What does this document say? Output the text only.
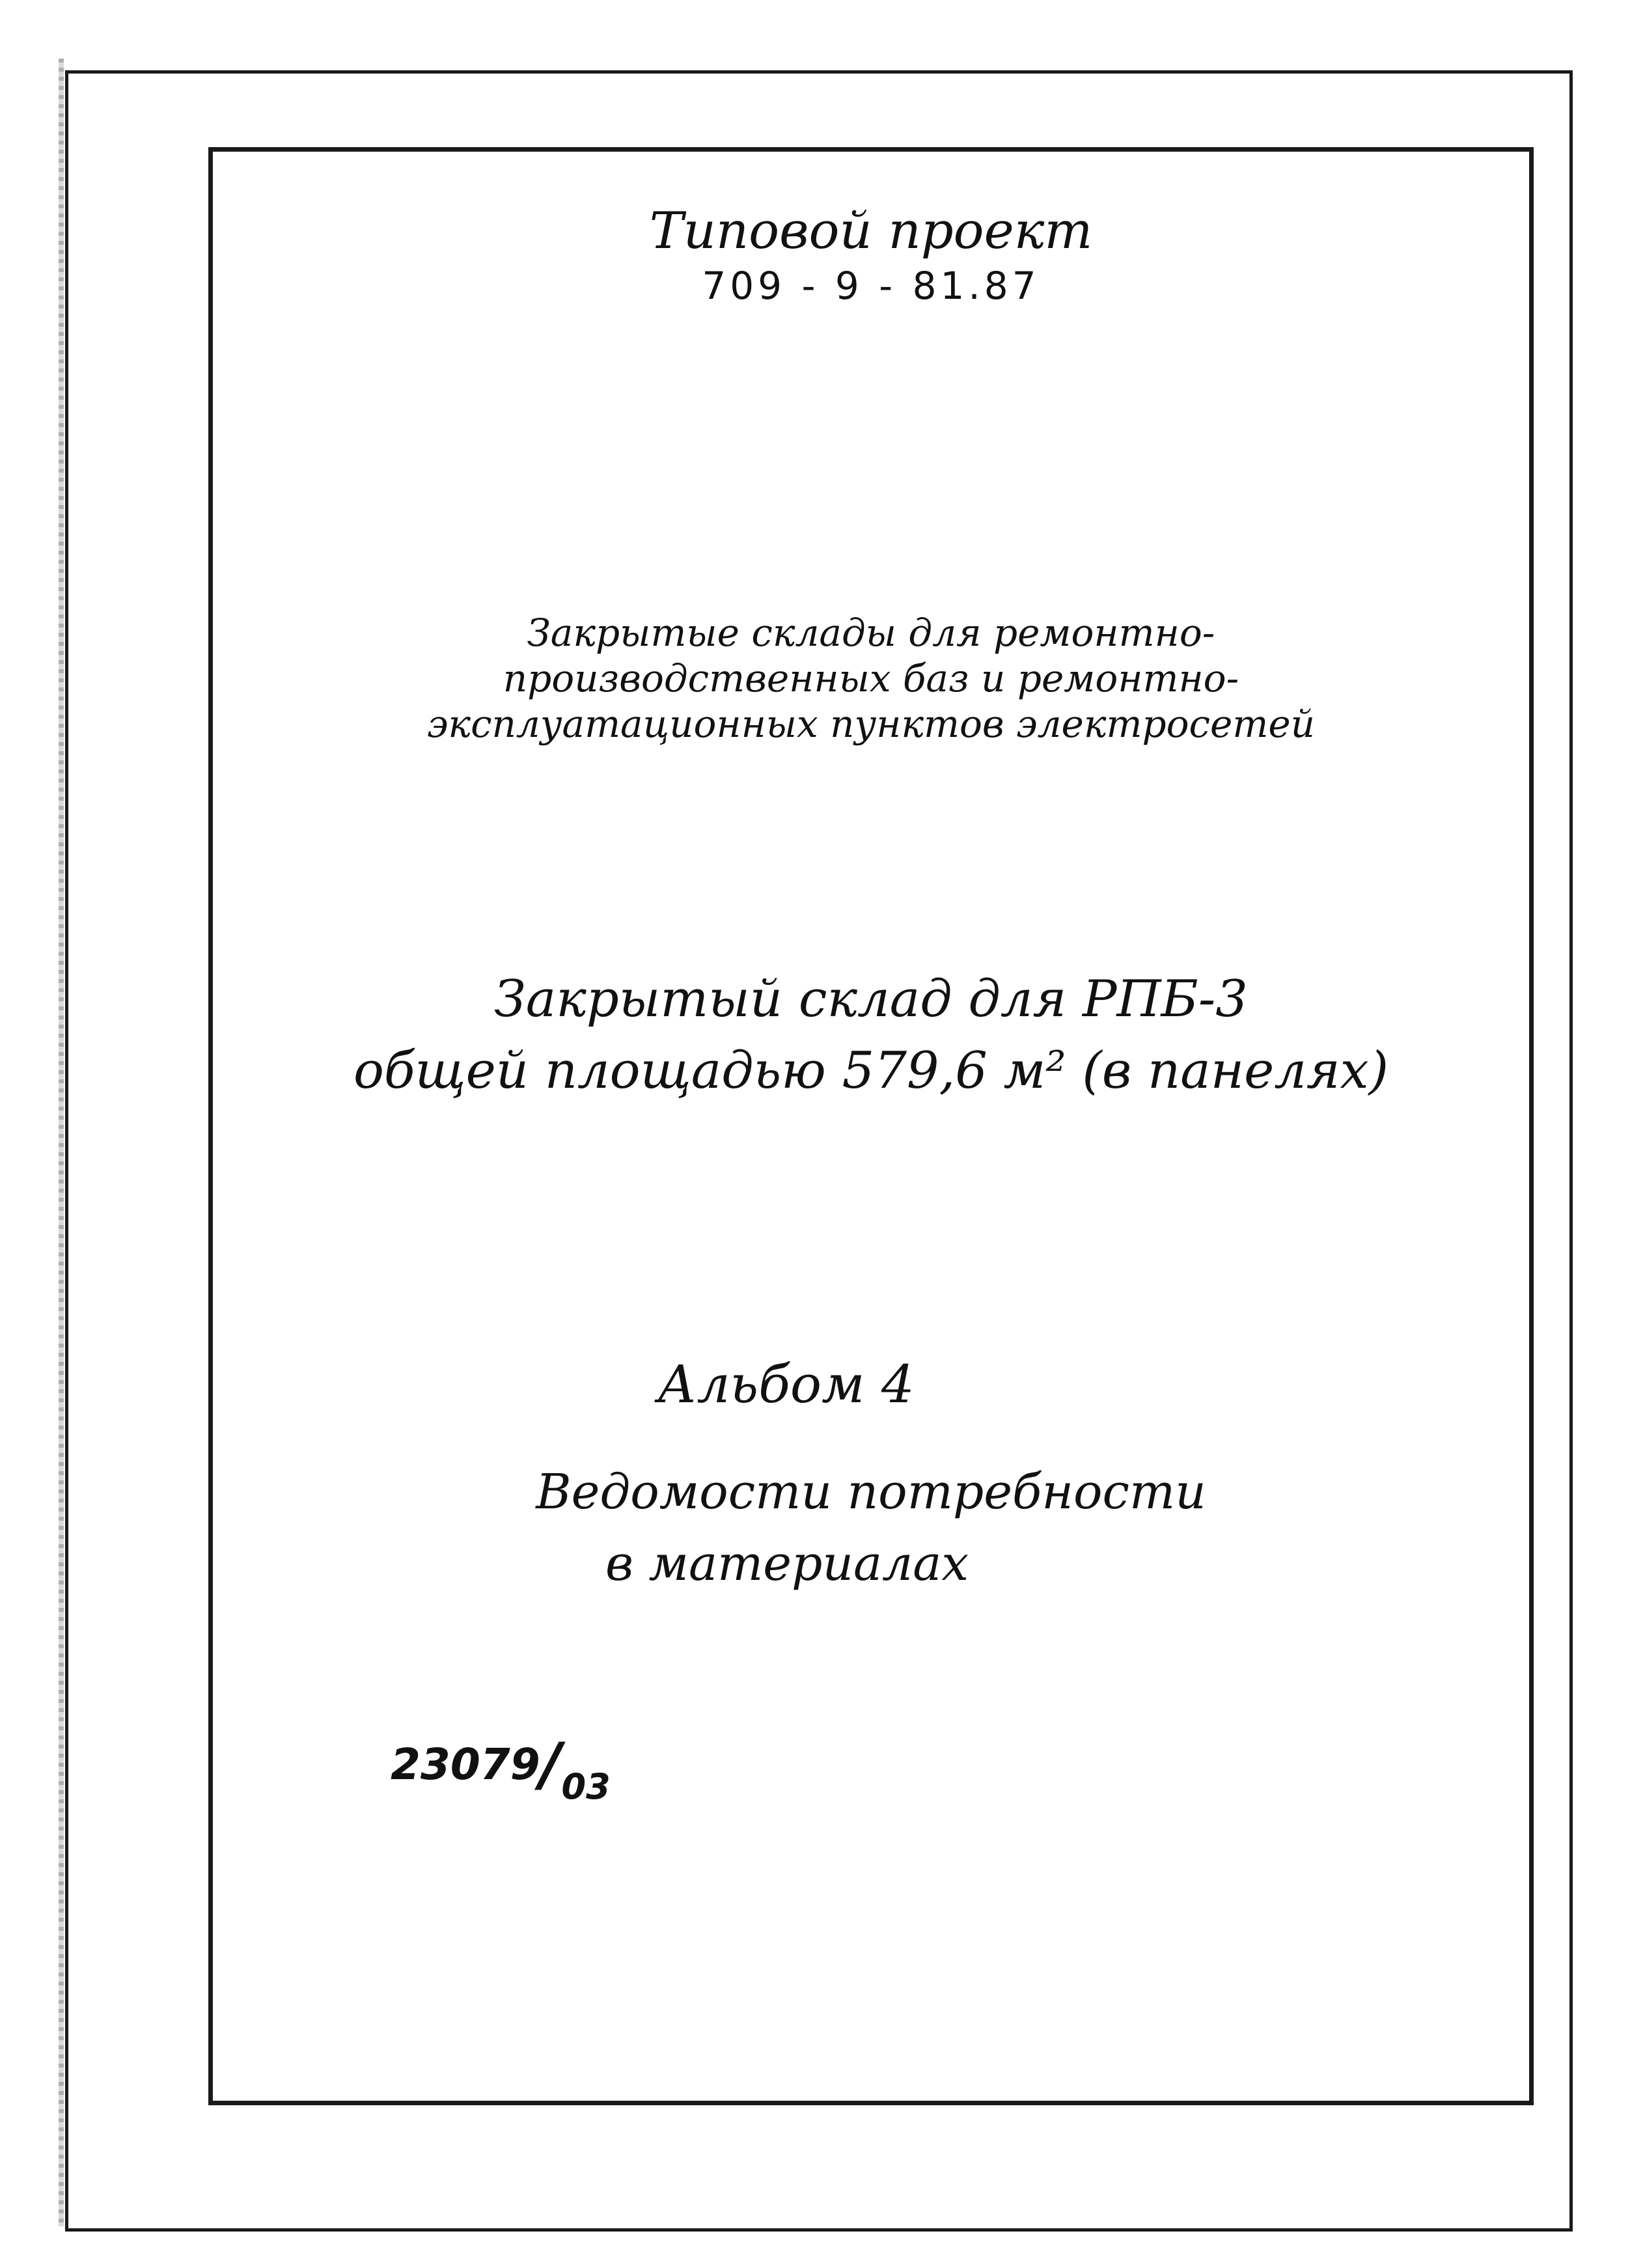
Типовой проект
709 - 9 - 81.87
Закрытые склады для ремонтно-
производственных баз и ремонтно-
эксплуатационных пунктов электросетей
Закрытый склад для РПБ-3
общей площадью 579,6 м² (в панелях)
Альбом 4
Ведомости потребности
в материалах
23079/03
